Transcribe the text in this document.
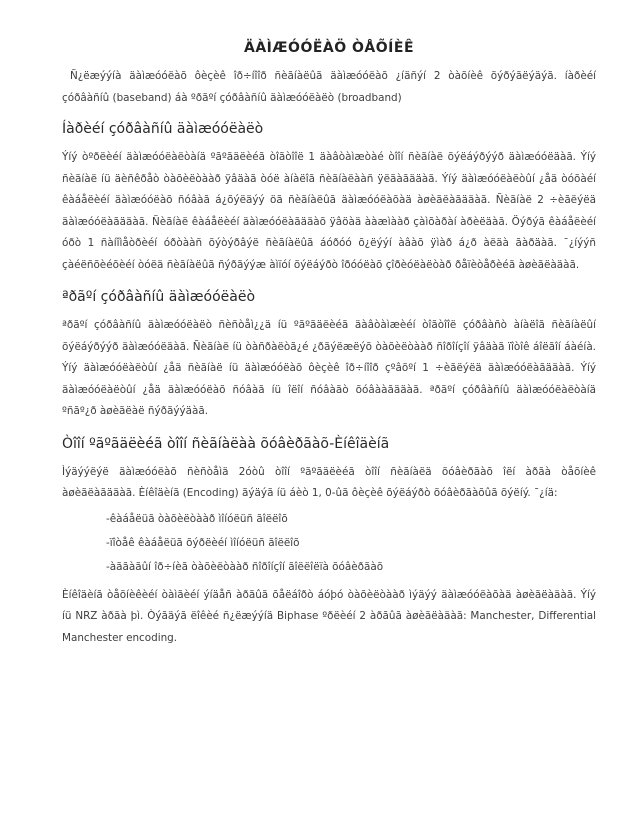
ÄÀÌÆÓÓËÀÖ ÒÅÕÍÈÊ

Ñ¿ëæýýíà äàìæóóëàõ ôèçèê îð÷íîîð ñèãíàëûã äàìæóóëàõ ¿íäñýí 2 òàõíèê õýðýãëýäýã. íàðèéí çóðâàñíû (baseband) áà ºðãºí çóðâàñíû äàìæóóëàëò (broadband)

Íàðèéí çóðâàñíû äàìæóóëàëò

Ýíý òºðëèéí äàìæóóëàëòàíä ºãºãäëèéã òîãòîîë 1 äàâòàìæòàé òîîí ñèãíàë õýëáýðýýð äàìæóóëäàã. Ýíý ñèãíàë íü äèñêðåò òàõèëòààð ÿâäàã òóë àíàëîã ñèãíàëààñ ÿëãàãääàã. Ýíý äàìæóóëàëòûí ¿åä òóõàéí êàáåëèéí äàìæóóëàõ ñóâàã á¿õýëäýý öã ñèãíàëûã äàìæóóëàõàä àøèãëàãääàã. Ñèãíàë 2 ÷èãëýëä äàìæóóëàãääàã. Ñèãíàë êàáåëèéí äàìæóóëàãääàõ ÿâöàä ààæìààð çàìõàðàí àðèëäàã. Öýðýã êàáåëèéí óðò 1 ñàíîìåòðèéí óðòààñ õýòýðâýë ñèãíàëûã áóðóó õ¿ëýýí àâàõ ÿìàð á¿ð àëäà ãàðäàã. ¯¿íýýñ çàéëñõèéõèéí òóëä ñèãíàëûã ñýðãýýæ àìïóí õýëáýðò îðóóëàõ çîðèóëàëòàð ðåïèòåðèéã àøèãëàäàã.

ªðãºí çóðâàñíû äàìæóóëàëò

ªðãºí çóðâàñíû äàìæóóëàëò ñèñòåì¿¿ä íü ºãºãäëèéã äàâòàìæèéí òîãòîîë çóðâàñò àíàëîã ñèãíàëûí õýëáýðýýð äàìæóóëäàã. Ñèãíàë íü òàñðàëòã¿é ¿ðãýëæëýõ òàõèëòààð ñîðîíçîí ÿâäàã ïîòîê áîëãîí áàéíà. Ýíý äàìæóóëàëòûí ¿åä ñèãíàë íü äàìæóóëàõ ôèçèê îð÷íîîð çºâõºí 1 ÷èãëýëä äàìæóóëàãääàã. Ýíý äàìæóóëàëòûí ¿åä äàìæóóëàõ ñóâàã íü îëîí ñóâàãò õóâààãääàã. ªðãºí çóðâàñíû äàìæóóëàëòàíä ºñãº¿ð àøèãëàë ñýðãýýäàã.

Òîîí ºãºãäëèéã òîîí ñèãíàëàà õóâèðãàõ-Èíêîäèíã

Ìýäýýëýë äàìæóóëàõ ñèñòåìä 2óòû òîîí ºãºãäëèéã òîîí ñèãíàëä õóâèðãàõ îëí àðãà òåõíèê àøèãëàãääàã. Èíêîäèíã (Encoding) ãýäýã íü áèò 1, 0-ûã ôèçèê õýëáýðò õóâèðãàõûã õýëíý. ¯¿íä:

-êàáåëüã òàõèëòààð ìîíóëüñ ãîëëîõ
-ïîòåê êàáåëüã õýðëèéí ìîíóëüñ ãîëëîõ
-àããàãûí îð÷íèã òàõèëòààð ñîðîíçîí ãîëëîëïà õóâèðãàõ

Èíêîäèíã òåõíèêèéí òàìãèéí ýíäåñ àðãûã õåëáîðò áóþó òàõèëòààð ìýäýý äàìæóóëàõàä àøèãëàäàã. Ýíý íü NRZ àðãà þì. Òýãäýã ëîêèé ñ¿ëæýýíä Biphase ºðëèéí 2 àðãûã àøèãëàäàã: Manchester, Differential Manchester encoding.
